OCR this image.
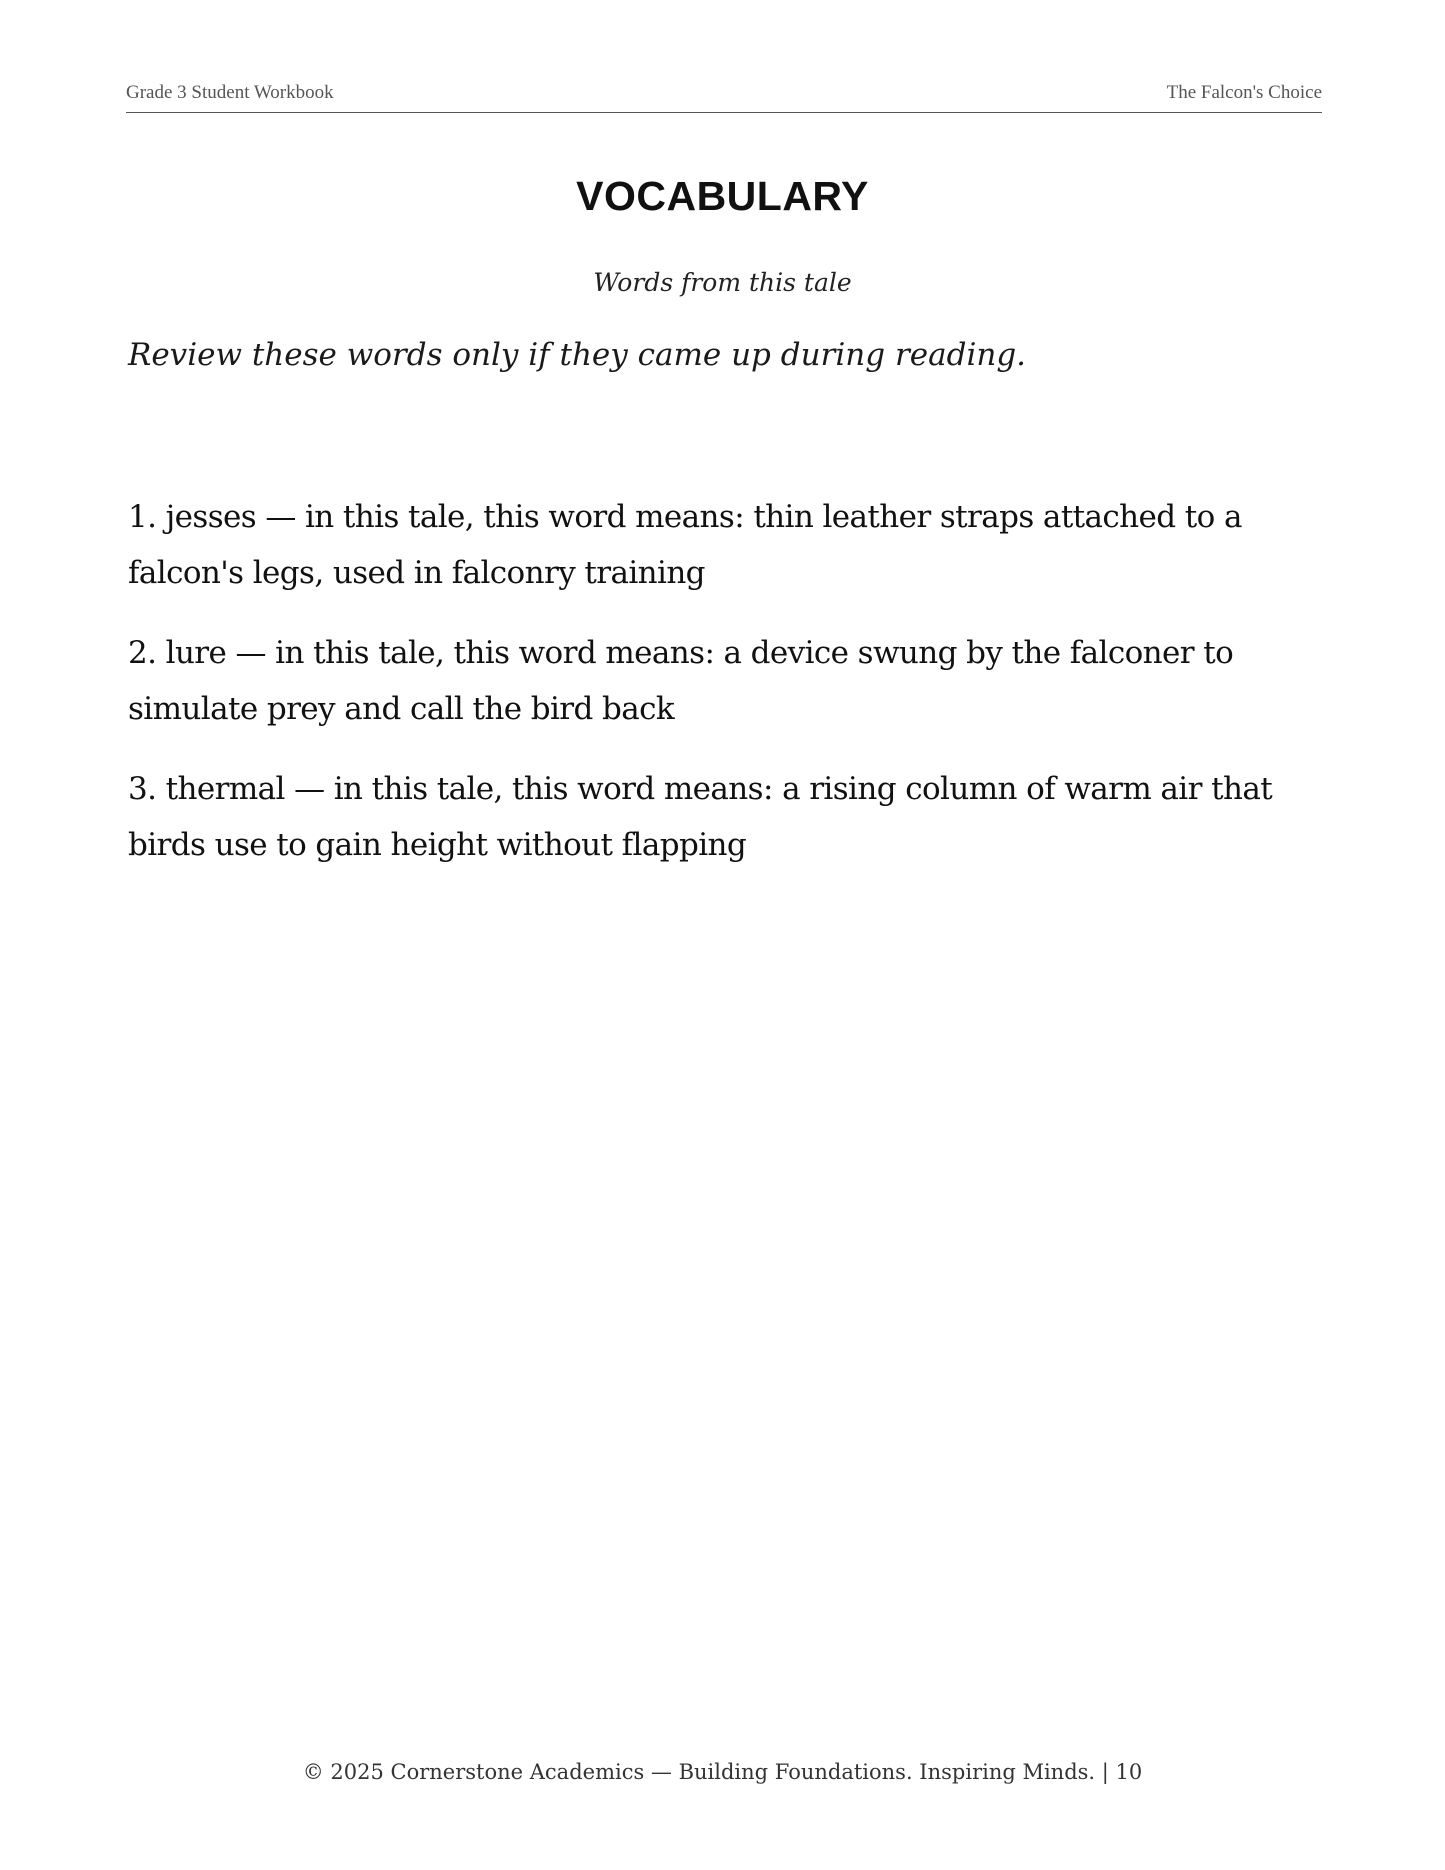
Grade 3 Student Workbook	The Falcon's Choice
VOCABULARY
Words from this tale
Review these words only if they came up during reading.
1. jesses — in this tale, this word means: thin leather straps attached to a falcon's legs, used in falconry training
2. lure — in this tale, this word means: a device swung by the falconer to simulate prey and call the bird back
3. thermal — in this tale, this word means: a rising column of warm air that birds use to gain height without flapping
© 2025 Cornerstone Academics — Building Foundations. Inspiring Minds. | 10
